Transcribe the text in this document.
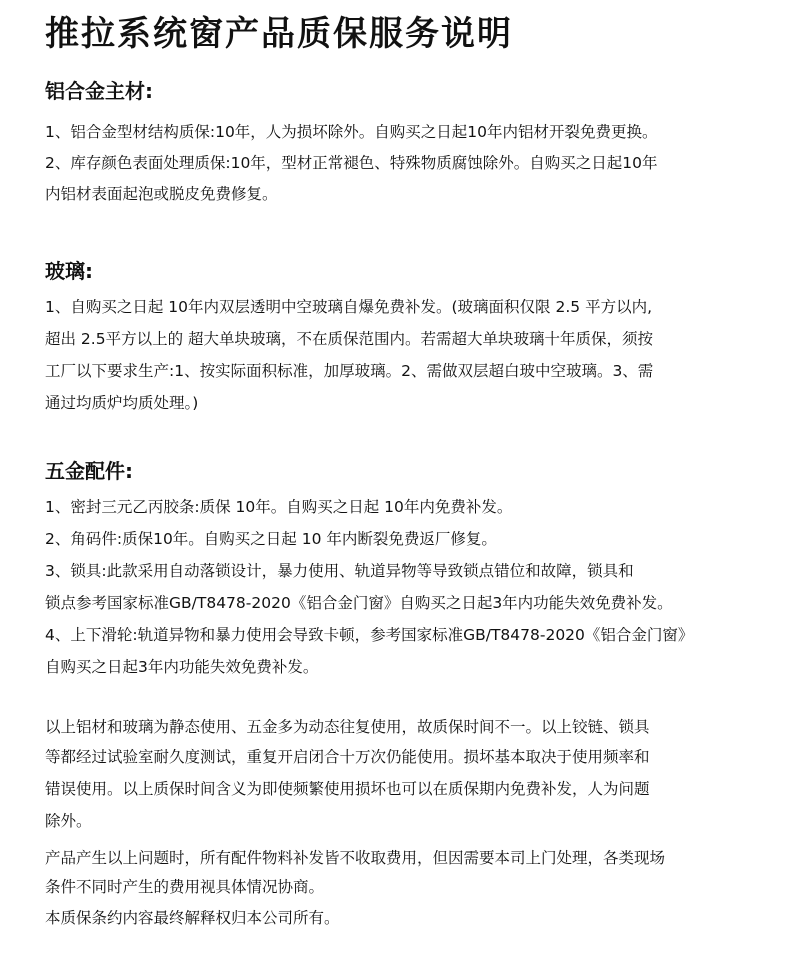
推拉系统窗产品质保服务说明
铝合金主材:
1、铝合金型材结构质保:10年，人为损坏除外。自购买之日起10年内铝材开裂免费更换。
2、库存颜色表面处理质保:10年，型材正常褪色、特殊物质腐蚀除外。自购买之日起10年
内铝材表面起泡或脱皮免费修复。
玻璃:
1、自购买之日起 10年内双层透明中空玻璃自爆免费补发。(玻璃面积仅限 2.5 平方以内,
超出 2.5平方以上的 超大单块玻璃，不在质保范围内。若需超大单块玻璃十年质保，须按
工厂以下要求生产:1、按实际面积标准，加厚玻璃。2、需做双层超白玻中空玻璃。3、需
通过均质炉均质处理。)
五金配件:
1、密封三元乙丙胶条:质保 10年。自购买之日起 10年内免费补发。
2、角码件:质保10年。自购买之日起 10 年内断裂免费返厂修复。
3、锁具:此款采用自动落锁设计，暴力使用、轨道异物等导致锁点错位和故障，锁具和
锁点参考国家标准GB/T8478-2020《铝合金门窗》自购买之日起3年内功能失效免费补发。
4、上下滑轮:轨道异物和暴力使用会导致卡顿，参考国家标准GB/T8478-2020《铝合金门窗》
自购买之日起3年内功能失效免费补发。
以上铝材和玻璃为静态使用、五金多为动态往复使用，故质保时间不一。以上铰链、锁具
等都经过试验室耐久度测试，重复开启闭合十万次仍能使用。损坏基本取决于使用频率和
错误使用。以上质保时间含义为即使频繁使用损坏也可以在质保期内免费补发，人为问题
除外。
产品产生以上问题时，所有配件物料补发皆不收取费用，但因需要本司上门处理，各类现场
条件不同时产生的费用视具体情况协商。
本质保条约内容最终解释权归本公司所有。
